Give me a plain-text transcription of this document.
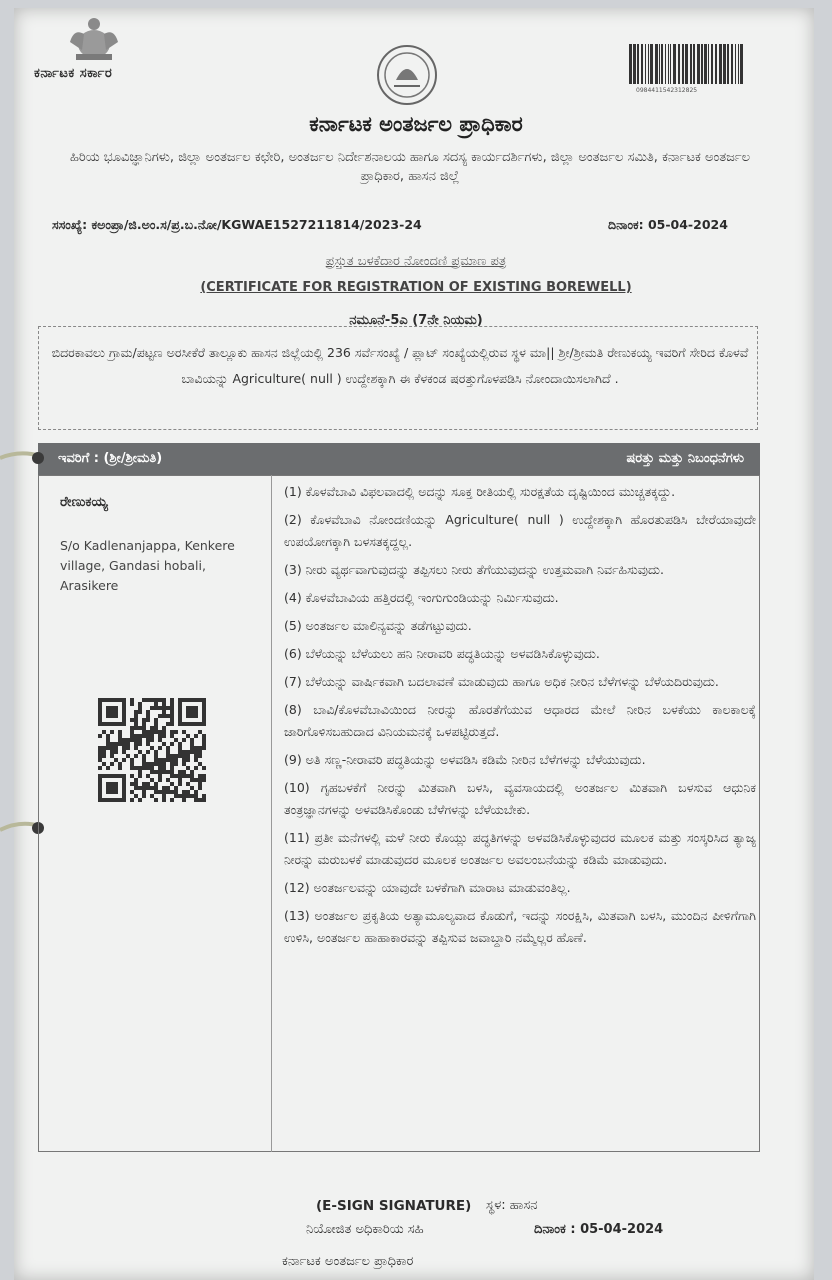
ಕರ್ನಾಟಕ ಸರ್ಕಾರ
0984411542312825
ಕರ್ನಾಟಕ ಅಂತರ್ಜಲ ಪ್ರಾಧಿಕಾರ
ಹಿರಿಯ ಭೂವಿಜ್ಞಾನಿಗಳು, ಜಿಲ್ಲಾ ಅಂತರ್ಜಲ ಕಛೇರಿ, ಅಂತರ್ಜಲ ನಿರ್ದೇಶನಾಲಯ ಹಾಗೂ ಸದಸ್ಯ ಕಾರ್ಯದರ್ಶಿಗಳು, ಜಿಲ್ಲಾ ಅಂತರ್ಜಲ ಸಮಿತಿ, ಕರ್ನಾಟಕ ಅಂತರ್ಜಲ ಪ್ರಾಧಿಕಾರ, ಹಾಸನ ಜಿಲ್ಲೆ
ಸಸಂಖ್ಯೆ: ಕಅಂಪ್ರಾ/ಜಿ.ಅಂ.ಸ/ಪ್ರ.ಬ.ನೋ/KGWAE1527211814/2023-24	ದಿನಾಂಕ: 05-04-2024
ಪ್ರಸ್ತುತ ಬಳಕೆದಾರ ನೋಂದಣಿ ಪ್ರಮಾಣ ಪತ್ರ
(CERTIFICATE FOR REGISTRATION OF EXISTING BOREWELL)
ನಮೂನೆ-5ಎ (7ನೇ ನಿಯಮ)
ಬಿದರಕಾವಲು ಗ್ರಾಮ/ಪಟ್ಟಣ ಅರಸೀಕೆರೆ ತಾಲ್ಲೂಕು ಹಾಸನ ಜಿಲ್ಲೆಯಲ್ಲಿ 236 ಸರ್ವೆಸಂಖ್ಯೆ / ಪ್ಲಾಟ್ ಸಂಖ್ಯೆಯಲ್ಲಿರುವ ಸ್ಥಳ ಮಾ|| ಶ್ರೀ/ಶ್ರೀಮತಿ ರೇಣುಕಯ್ಯ ಇವರಿಗೆ ಸೇರಿದ ಕೊಳವೆ ಬಾವಿಯನ್ನು Agriculture( null ) ಉದ್ದೇಶಕ್ಕಾಗಿ ಈ ಕೆಳಕಂಡ ಷರತ್ತುಗೊಳಪಡಿಸಿ ನೋಂದಾಯಿಸಲಾಗಿದೆ .
ಇವರಿಗೆ : (ಶ್ರೀ/ಶ್ರೀಮತಿ)	ಷರತ್ತು ಮತ್ತು ನಿಬಂಧನೆಗಳು
ರೇಣುಕಯ್ಯ
S/o Kadlenanjappa, Kenkere village, Gandasi hobali, Arasikere
(1) ಕೊಳವೆಬಾವಿ ವಿಫಲವಾದಲ್ಲಿ ಅದನ್ನು ಸೂಕ್ತ ರೀತಿಯಲ್ಲಿ ಸುರಕ್ಷತೆಯ ದೃಷ್ಟಿಯಿಂದ ಮುಚ್ಚತಕ್ಕದ್ದು.
(2) ಕೊಳವೆಬಾವಿ ನೋಂದಣಿಯನ್ನು Agriculture( null ) ಉದ್ದೇಶಕ್ಕಾಗಿ ಹೊರತುಪಡಿಸಿ ಬೇರೆಯಾವುದೇ ಉಪಯೋಗಕ್ಕಾಗಿ ಬಳಸತಕ್ಕದ್ದಲ್ಲ.
(3) ನೀರು ವ್ಯರ್ಥವಾಗುವುದನ್ನು ತಪ್ಪಿಸಲು ನೀರು ತೆಗೆಯುವುದನ್ನು ಉತ್ತಮವಾಗಿ ನಿರ್ವಹಿಸುವುದು.
(4) ಕೊಳವೆಬಾವಿಯ ಹತ್ತಿರದಲ್ಲಿ ಇಂಗುಗುಂಡಿಯನ್ನು ನಿರ್ಮಿಸುವುದು.
(5) ಅಂತರ್ಜಲ ಮಾಲಿನ್ಯವನ್ನು ತಡೆಗಟ್ಟುವುದು.
(6) ಬೆಳೆಯನ್ನು ಬೆಳೆಯಲು ಹನಿ ನೀರಾವರಿ ಪದ್ಧತಿಯನ್ನು ಅಳವಡಿಸಿಕೊಳ್ಳುವುದು.
(7) ಬೆಳೆಯನ್ನು ವಾರ್ಷಿಕವಾಗಿ ಬದಲಾವಣೆ ಮಾಡುವುದು ಹಾಗೂ ಅಧಿಕ ನೀರಿನ ಬೆಳೆಗಳನ್ನು ಬೆಳೆಯದಿರುವುದು.
(8) ಬಾವಿ/ಕೊಳವೆಬಾವಿಯಿಂದ ನೀರನ್ನು ಹೊರತೆಗೆಯುವ ಆಧಾರದ ಮೇಲೆ ನೀರಿನ ಬಳಕೆಯು ಕಾಲಕಾಲಕ್ಕೆ ಜಾರಿಗೊಳಿಸಬಹುದಾದ ವಿನಿಯಮನಕ್ಕೆ ಒಳಪಟ್ಟಿರುತ್ತದೆ.
(9) ಅತಿ ಸಣ್ಣ-ನೀರಾವರಿ ಪದ್ಧತಿಯನ್ನು ಅಳವಡಿಸಿ ಕಡಿಮೆ ನೀರಿನ ಬೆಳೆಗಳನ್ನು ಬೆಳೆಯುವುದು.
(10) ಗೃಹಬಳಕೆಗೆ ನೀರನ್ನು ಮಿತವಾಗಿ ಬಳಸಿ, ವ್ಯವಸಾಯದಲ್ಲಿ ಅಂತರ್ಜಲ ಮಿತವಾಗಿ ಬಳಸುವ ಆಧುನಿಕ ತಂತ್ರಜ್ಞಾನಗಳನ್ನು ಅಳವಡಿಸಿಕೊಂಡು ಬೆಳೆಗಳನ್ನು ಬೆಳೆಯಬೇಕು.
(11) ಪ್ರತೀ ಮನೆಗಳಲ್ಲಿ ಮಳೆ ನೀರು ಕೊಯ್ಲು ಪದ್ಧತಿಗಳನ್ನು ಅಳವಡಿಸಿಕೊಳ್ಳುವುದರ ಮೂಲಕ ಮತ್ತು ಸಂಸ್ಕರಿಸಿದ ತ್ಯಾಜ್ಯ ನೀರನ್ನು ಮರುಬಳಕೆ ಮಾಡುವುದರ ಮೂಲಕ ಅಂತರ್ಜಲ ಅವಲಂಬನೆಯನ್ನು ಕಡಿಮೆ ಮಾಡುವುದು.
(12) ಅಂತರ್ಜಲವನ್ನು ಯಾವುದೇ ಬಳಕೆಗಾಗಿ ಮಾರಾಟ ಮಾಡುವಂತಿಲ್ಲ.
(13) ಅಂತರ್ಜಲ ಪ್ರಕೃತಿಯ ಅತ್ಯಾಮೂಲ್ಯವಾದ ಕೊಡುಗೆ, ಇದನ್ನು ಸಂರಕ್ಷಿಸಿ, ಮಿತವಾಗಿ ಬಳಸಿ, ಮುಂದಿನ ಪೀಳಿಗೆಗಾಗಿ ಉಳಿಸಿ, ಅಂತರ್ಜಲ ಹಾಹಾಕಾರವನ್ನು ತಪ್ಪಿಸುವ ಜವಾಬ್ದಾರಿ ನಮ್ಮೆಲ್ಲರ ಹೊಣೆ.
(E-SIGN SIGNATURE) ಸ್ಥಳ: ಹಾಸನ
ನಿಯೋಜಿತ ಅಧಿಕಾರಿಯ ಸಹಿ	ದಿನಾಂಕ : 05-04-2024
ಕರ್ನಾಟಕ ಅಂತರ್ಜಲ ಪ್ರಾಧಿಕಾರ
